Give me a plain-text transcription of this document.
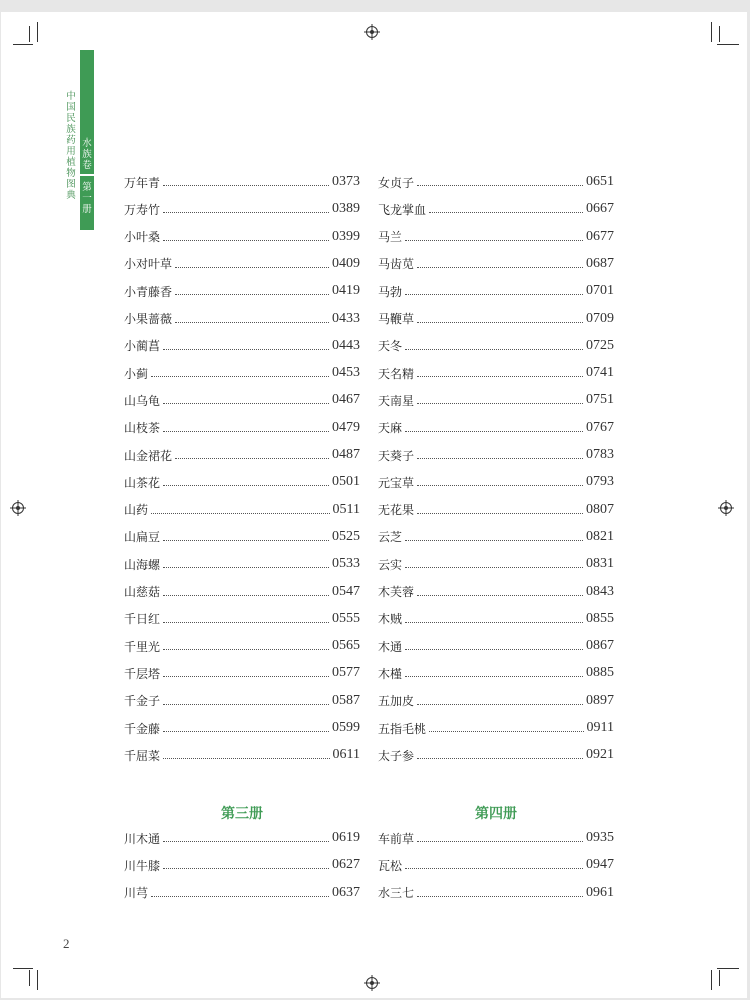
中国民族药用植物图典
水族卷
第一册
万年青	0373
万寿竹	0389
小叶桑	0399
小对叶草	0409
小青藤香	0419
小果蔷薇	0433
小蔺菖	0443
小蓟	0453
山乌龟	0467
山枝茶	0479
山金裙花	0487
山茶花	0501
山药	0511
山扁豆	0525
山海螺	0533
山慈菇	0547
千日红	0555
千里光	0565
千层塔	0577
千金子	0587
千金藤	0599
千屈菜	0611
女贞子	0651
飞龙掌血	0667
马兰	0677
马齿苋	0687
马勃	0701
马鞭草	0709
天冬	0725
天名精	0741
天南星	0751
天麻	0767
天葵子	0783
元宝草	0793
无花果	0807
云芝	0821
云实	0831
木芙蓉	0843
木贼	0855
木通	0867
木槿	0885
五加皮	0897
五指毛桃	0911
太子参	0921
第三册	第四册
川木通	0619
川牛膝	0627
川芎	0637
车前草	0935
瓦松	0947
水三七	0961
2
